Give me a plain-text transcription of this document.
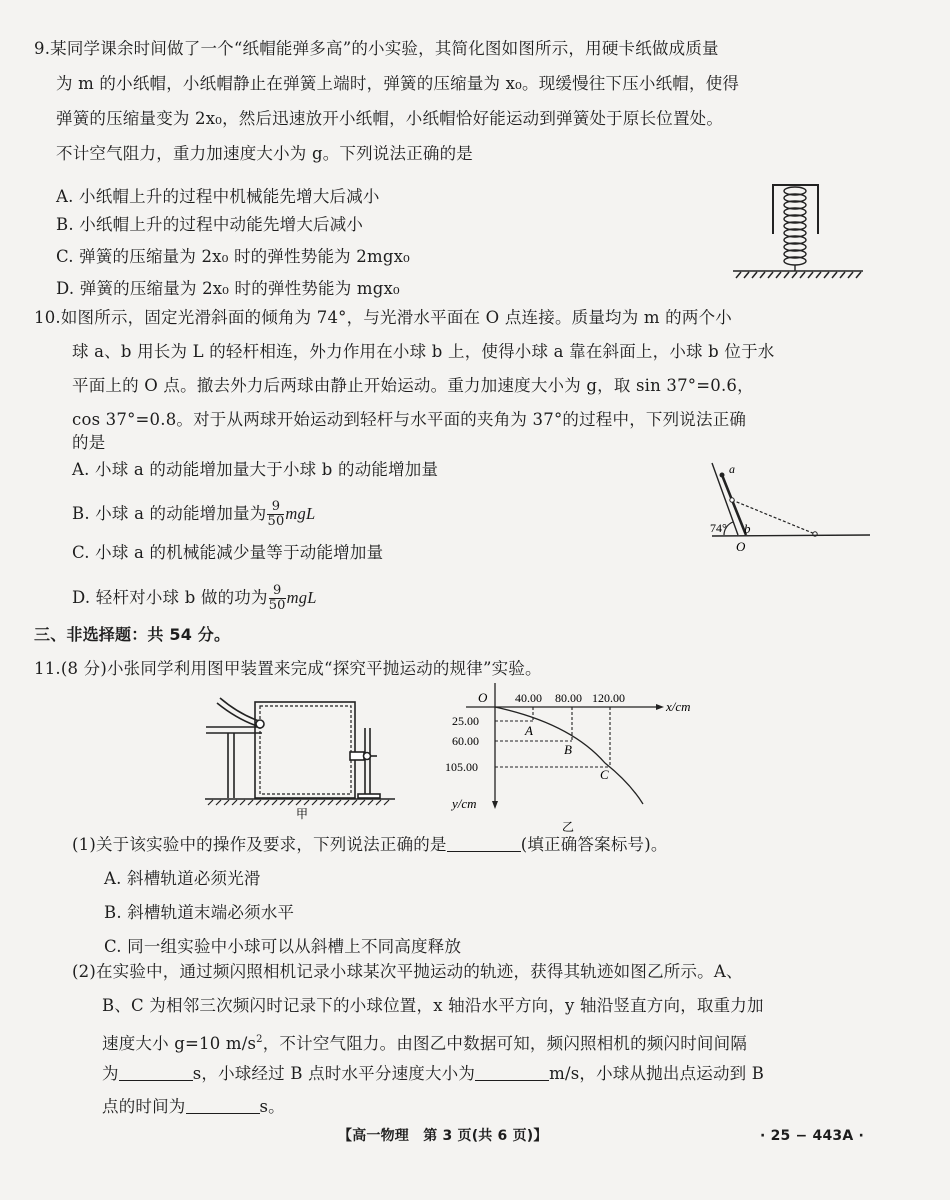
9.某同学课余时间做了一个“纸帽能弹多高”的小实验，其简化图如图所示，用硬卡纸做成质量
为 m 的小纸帽，小纸帽静止在弹簧上端时，弹簧的压缩量为 x₀。现缓慢往下压小纸帽，使得
弹簧的压缩量变为 2x₀，然后迅速放开小纸帽，小纸帽恰好能运动到弹簧处于原长位置处。
不计空气阻力，重力加速度大小为 g。下列说法正确的是
A. 小纸帽上升的过程中机械能先增大后减小
B. 小纸帽上升的过程中动能先增大后减小
C. 弹簧的压缩量为 2x₀ 时的弹性势能为 2mgx₀
D. 弹簧的压缩量为 2x₀ 时的弹性势能为 mgx₀
10.如图所示，固定光滑斜面的倾角为 74°，与光滑水平面在 O 点连接。质量均为 m 的两个小
球 a、b 用长为 L 的轻杆相连，外力作用在小球 b 上，使得小球 a 靠在斜面上，小球 b 位于水
平面上的 O 点。撤去外力后两球由静止开始运动。重力加速度大小为 g，取 sin 37°=0.6，
cos 37°=0.8。对于从两球开始运动到轻杆与水平面的夹角为 37°的过程中，下列说法正确
的是
A. 小球 a 的动能增加量大于小球 b 的动能增加量
B. 小球 a 的动能增加量为 $\frac{9}{50}$ mgL
C. 小球 a 的机械能减少量等于动能增加量
D. 轻杆对小球 b 做的功为 $\frac{9}{50}$ mgL
a
b
74°
O
三、非选择题：共 54 分。
11.(8 分)小张同学利用图甲装置来完成“探究平抛运动的规律”实验。
甲
O 40.00 80.00 120.00
x/cm
25.00
60.00
105.00
y/cm
A
B
C
乙
(1)关于该实验中的操作及要求，下列说法正确的是	(填正确答案标号)。
A. 斜槽轨道必须光滑
B. 斜槽轨道末端必须水平
C. 同一组实验中小球可以从斜槽上不同高度释放
(2)在实验中，通过频闪照相机记录小球某次平抛运动的轨迹，获得其轨迹如图乙所示。A、
B、C 为相邻三次频闪时记录下的小球位置，x 轴沿水平方向，y 轴沿竖直方向，取重力加
速度大小 g=10 $m/s^2$，不计空气阻力。由图乙中数据可知，频闪照相机的频闪时间间隔
为	s，小球经过 B 点时水平分速度大小为	m/s，小球从抛出点运动到 B
点的时间为	s。
【高一物理　第 3 页(共 6 页)】	· 25 − 443A ·
